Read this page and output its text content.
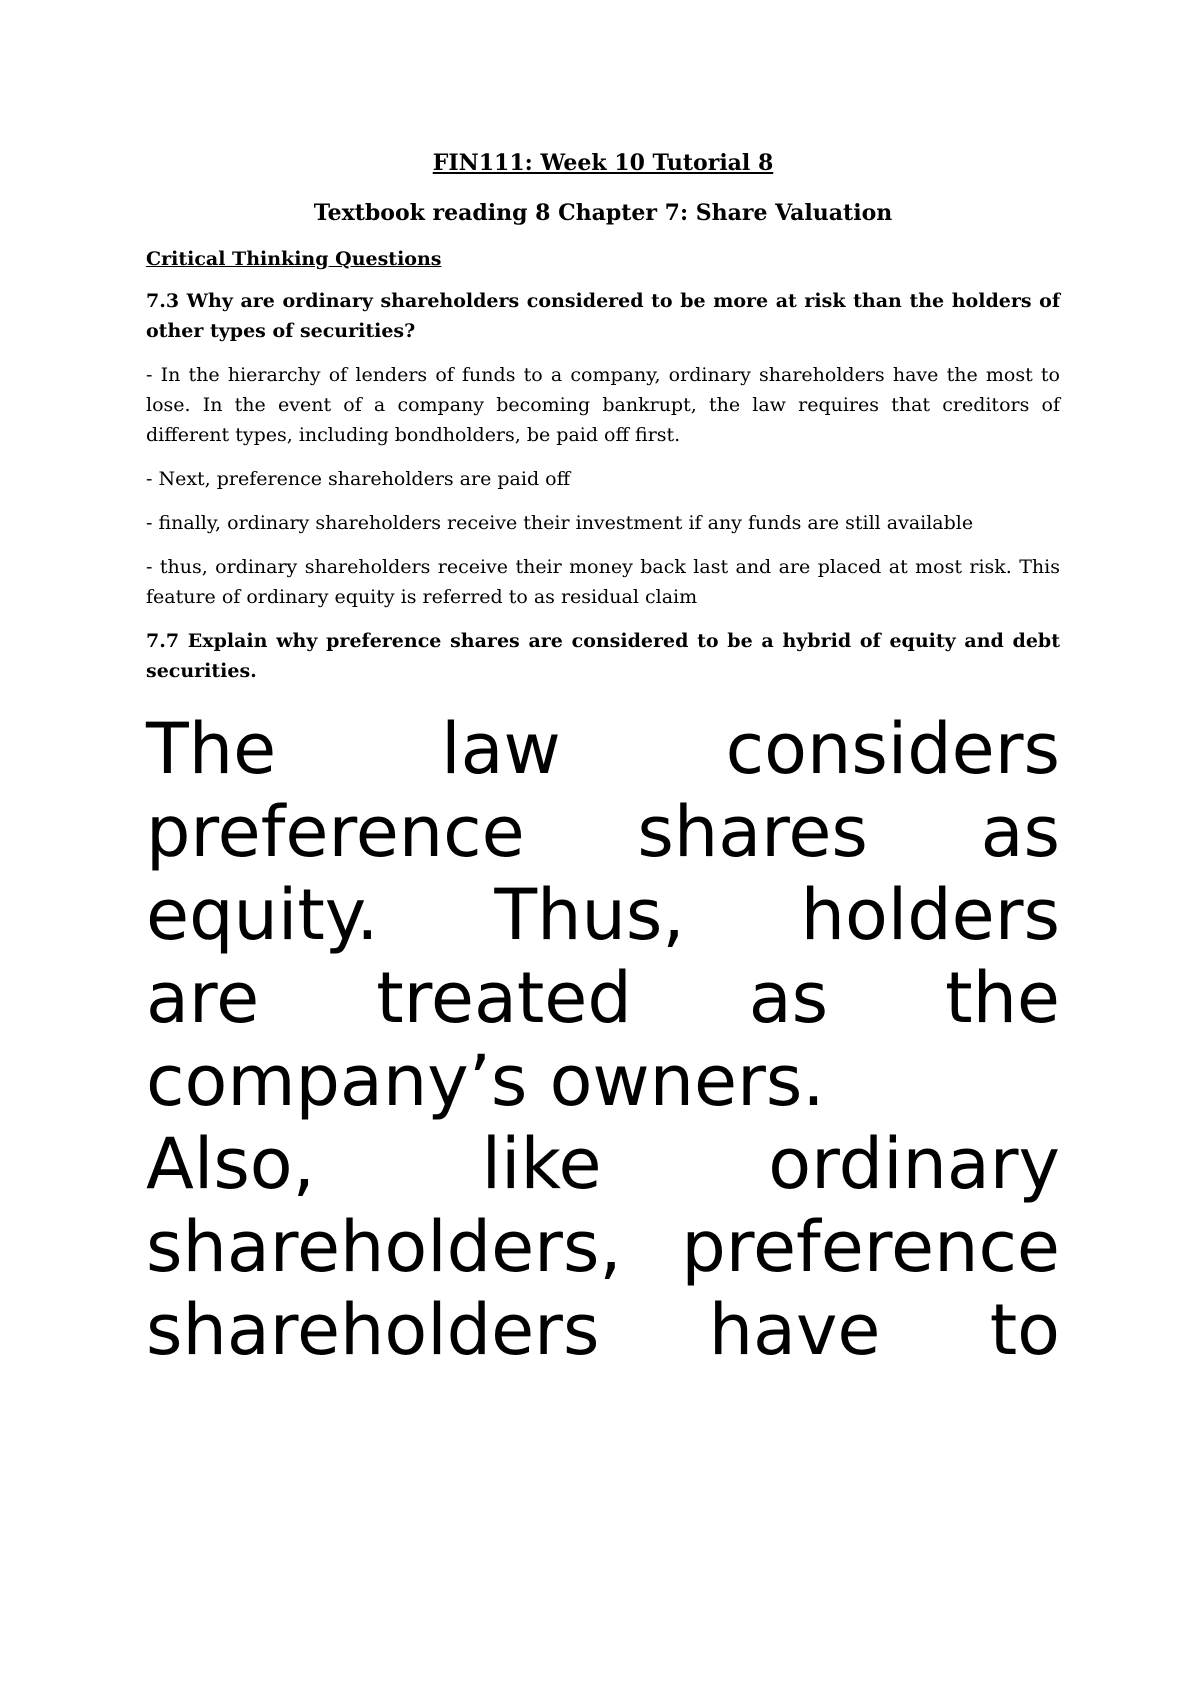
FIN111: Week 10 Tutorial 8

Textbook reading 8 Chapter 7: Share Valuation

Critical Thinking Questions

7.3 Why are ordinary shareholders considered to be more at risk than the holders of other types of securities?

- In the hierarchy of lenders of funds to a company, ordinary shareholders have the most to lose. In the event of a company becoming bankrupt, the law requires that creditors of different types, including bondholders, be paid off first.

- Next, preference shareholders are paid off

- finally, ordinary shareholders receive their investment if any funds are still available

- thus, ordinary shareholders receive their money back last and are placed at most risk. This feature of ordinary equity is referred to as residual claim

7.7 Explain why preference shares are considered to be a hybrid of equity and debt securities.

The law considers
preference shares as
equity. Thus, holders
are treated as the
company’s owners.
Also, like ordinary
shareholders, preference
shareholders have to
